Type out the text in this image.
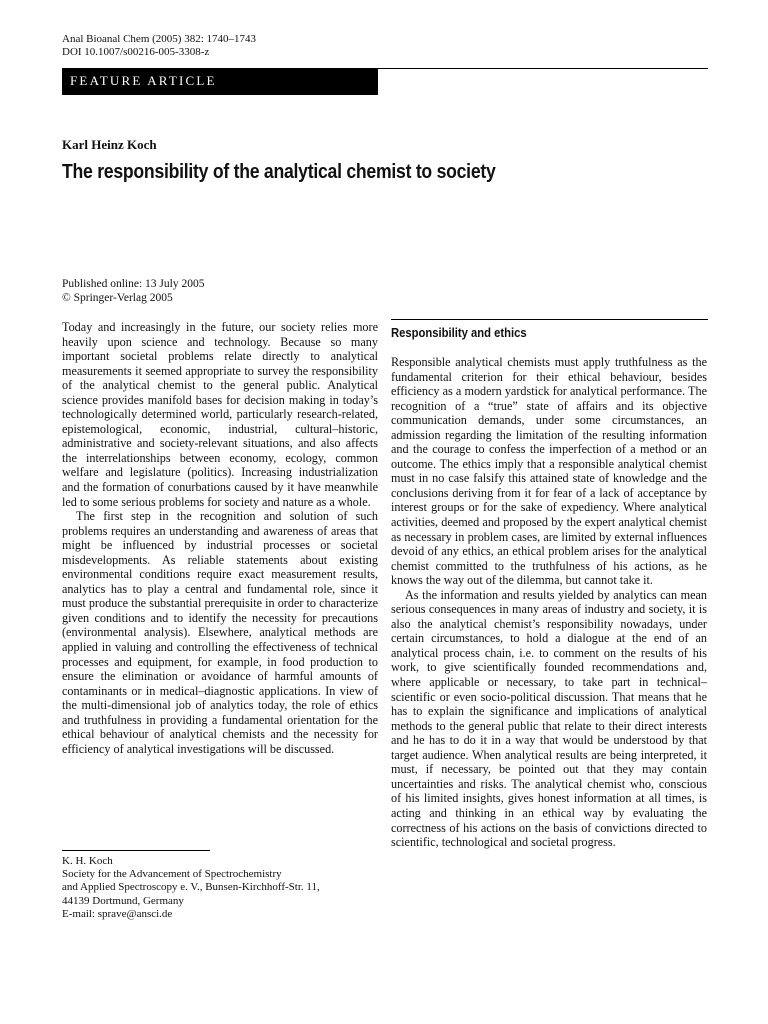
Anal Bioanal Chem (2005) 382: 1740–1743
DOI 10.1007/s00216-005-3308-z
FEATURE ARTICLE
Karl Heinz Koch
The responsibility of the analytical chemist to society
Published online: 13 July 2005
© Springer-Verlag 2005

Today and increasingly in the future, our society relies more heavily upon science and technology. Because so many important societal problems relate directly to analytical measurements it seemed appropriate to survey the responsibility of the analytical chemist to the general public. Analytical science provides manifold bases for decision making in today’s technologically determined world, particularly research-related, epistemological, economic, industrial, cultural–historic, administrative and society-relevant situations, and also affects the interrelationships between economy, ecology, common welfare and legislature (politics). Increasing industrialization and the formation of conurbations caused by it have meanwhile led to some serious problems for society and nature as a whole.

The first step in the recognition and solution of such problems requires an understanding and awareness of areas that might be influenced by industrial processes or societal misdevelopments. As reliable statements about existing environmental conditions require exact measurement results, analytics has to play a central and fundamental role, since it must produce the substantial prerequisite in order to characterize given conditions and to identify the necessity for precautions (environmental analysis). Elsewhere, analytical methods are applied in valuing and controlling the effectiveness of technical processes and equipment, for example, in food production to ensure the elimination or avoidance of harmful amounts of contaminants or in medical–diagnostic applications. In view of the multi-dimensional job of analytics today, the role of ethics and truthfulness in providing a fundamental orientation for the ethical behaviour of analytical chemists and the necessity for efficiency of analytical investigations will be discussed.

Responsibility and ethics

Responsible analytical chemists must apply truthfulness as the fundamental criterion for their ethical behaviour, besides efficiency as a modern yardstick for analytical performance. The recognition of a “true” state of affairs and its objective communication demands, under some circumstances, an admission regarding the limitation of the resulting information and the courage to confess the imperfection of a method or an outcome. The ethics imply that a responsible analytical chemist must in no case falsify this attained state of knowledge and the conclusions deriving from it for fear of a lack of acceptance by interest groups or for the sake of expediency. Where analytical activities, deemed and proposed by the expert analytical chemist as necessary in problem cases, are limited by external influences devoid of any ethics, an ethical problem arises for the analytical chemist committed to the truthfulness of his actions, as he knows the way out of the dilemma, but cannot take it.

As the information and results yielded by analytics can mean serious consequences in many areas of industry and society, it is also the analytical chemist’s responsibility nowadays, under certain circumstances, to hold a dialogue at the end of an analytical process chain, i.e. to comment on the results of his work, to give scientifically founded recommendations and, where applicable or necessary, to take part in technical–scientific or even socio-political discussion. That means that he has to explain the significance and implications of analytical methods to the general public that relate to their direct interests and he has to do it in a way that would be understood by that target audience. When analytical results are being interpreted, it must, if necessary, be pointed out that they may contain uncertainties and risks. The analytical chemist who, conscious of his limited insights, gives honest information at all times, is acting and thinking in an ethical way by evaluating the correctness of his actions on the basis of convictions directed to scientific, technological and societal progress.

K. H. Koch
Society for the Advancement of Spectrochemistry
and Applied Spectroscopy e. V., Bunsen-Kirchhoff-Str. 11,
44139 Dortmund, Germany
E-mail: sprave@ansci.de
